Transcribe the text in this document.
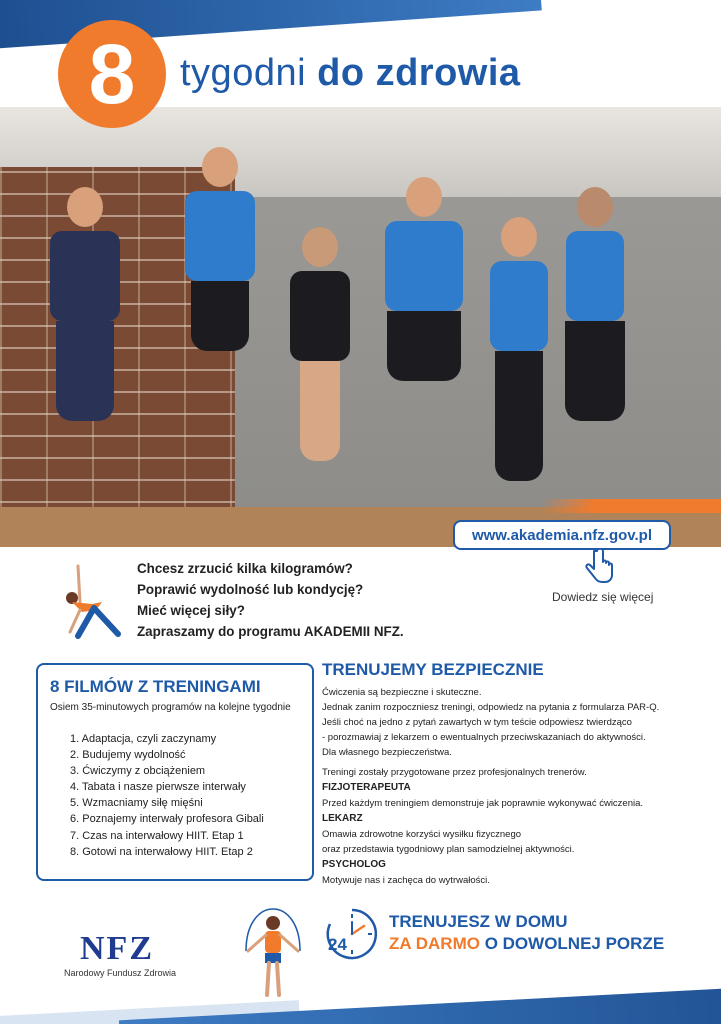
8	tygodni do zdrowia
www.akademia.nfz.gov.pl
Dowiedz się więcej
Chcesz zrzucić kilka kilogramów?
Poprawić wydolność lub kondycję?
Mieć więcej siły?
Zapraszamy do programu AKADEMII NFZ.
8 FILMÓW Z TRENINGAMI
Osiem 35-minutowych programów na kolejne tygodnie
1. Adaptacja, czyli zaczynamy
2. Budujemy wydolność
3. Ćwiczymy z obciążeniem
4. Tabata i nasze pierwsze interwały
5. Wzmacniamy siłę mięśni
6. Poznajemy interwały profesora Gibali
7. Czas na interwałowy HIIT. Etap 1
8. Gotowi na interwałowy HIIT. Etap 2
TRENUJEMY BEZPIECZNIE
Ćwiczenia są bezpieczne i skuteczne.
Jednak zanim rozpoczniesz treningi, odpowiedz na pytania z formularza PAR-Q.
Jeśli choć na jedno z pytań zawartych w tym teście odpowiesz twierdząco
- porozmawiaj z lekarzem o ewentualnych przeciwskazaniach do aktywności.
Dla własnego bezpieczeństwa.
Treningi zostały przygotowane przez profesjonalnych trenerów.
FIZJOTERAPEUTA
Przed każdym treningiem demonstruje jak poprawnie wykonywać ćwiczenia.
LEKARZ
Omawia zdrowotne korzyści wysiłku fizycznego
oraz przedstawia tygodniowy plan samodzielnej aktywności.
PSYCHOLOG
Motywuje nas i zachęca do wytrwałości.
NFZ
Narodowy Fundusz Zdrowia
24
TRENUJESZ W DOMU
ZA DARMO O DOWOLNEJ PORZE
